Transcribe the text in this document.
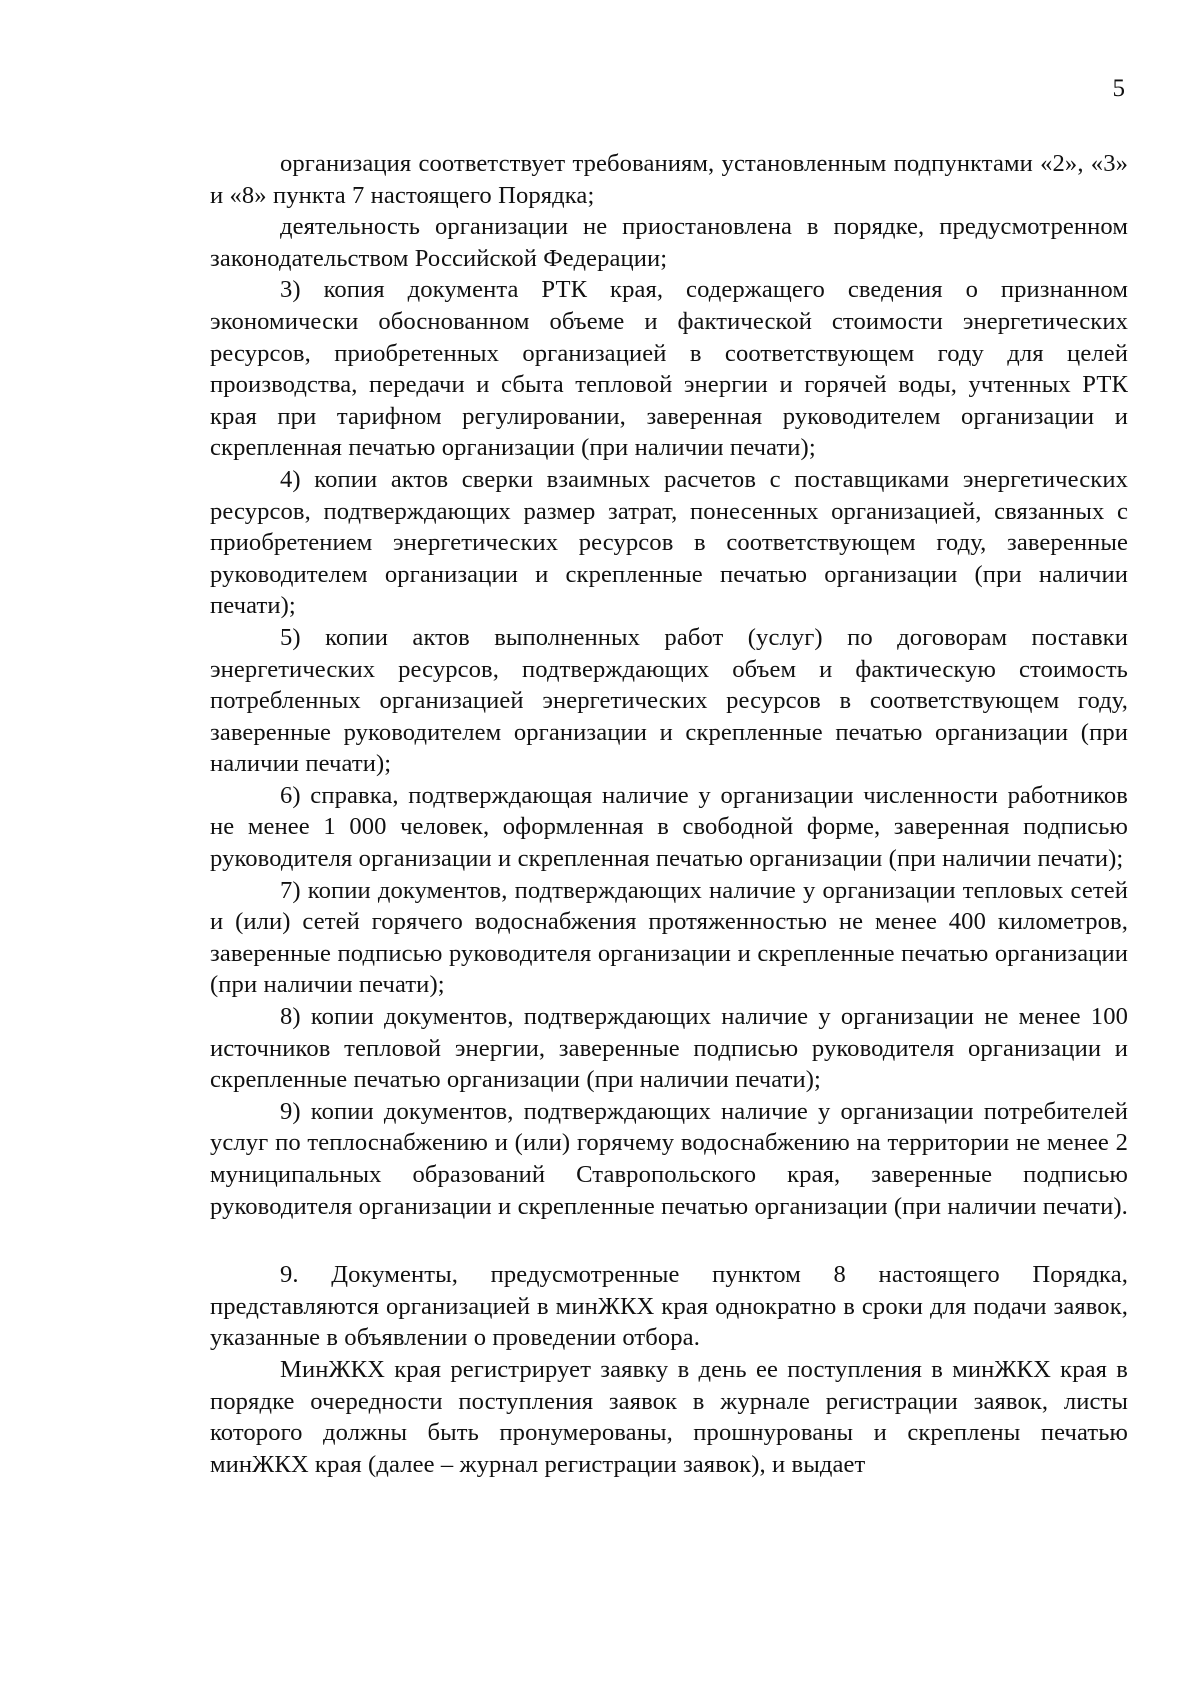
5

организация соответствует требованиям, установленным подпунктами «2», «3» и «8» пункта 7 настоящего Порядка;

деятельность организации не приостановлена в порядке, предусмотренном законодательством Российской Федерации;

3) копия документа РТК края, содержащего сведения о признанном экономически обоснованном объеме и фактической стоимости энергетических ресурсов, приобретенных организацией в соответствующем году для целей производства, передачи и сбыта тепловой энергии и горячей воды, учтенных РТК края при тарифном регулировании, заверенная руководителем организации и скрепленная печатью организации (при наличии печати);

4) копии актов сверки взаимных расчетов с поставщиками энергетических ресурсов, подтверждающих размер затрат, понесенных организацией, связанных с приобретением энергетических ресурсов в соответствующем году, заверенные руководителем организации и скрепленные печатью организации (при наличии печати);

5) копии актов выполненных работ (услуг) по договорам поставки энергетических ресурсов, подтверждающих объем и фактическую стоимость потребленных организацией энергетических ресурсов в соответствующем году, заверенные руководителем организации и скрепленные печатью организации (при наличии печати);

6) справка, подтверждающая наличие у организации численности работников не менее 1 000 человек, оформленная в свободной форме, заверенная подписью руководителя организации и скрепленная печатью организации (при наличии печати);

7) копии документов, подтверждающих наличие у организации тепловых сетей и (или) сетей горячего водоснабжения протяженностью не менее 400 километров, заверенные подписью руководителя организации и скрепленные печатью организации (при наличии печати);

8) копии документов, подтверждающих наличие у организации не менее 100 источников тепловой энергии, заверенные подписью руководителя организации и скрепленные печатью организации (при наличии печати);

9) копии документов, подтверждающих наличие у организации потребителей услуг по теплоснабжению и (или) горячему водоснабжению на территории не менее 2 муниципальных образований Ставропольского края, заверенные подписью руководителя организации и скрепленные печатью организации (при наличии печати).

9. Документы, предусмотренные пунктом 8 настоящего Порядка, представляются организацией в минЖКХ края однократно в сроки для подачи заявок, указанные в объявлении о проведении отбора.

МинЖКХ края регистрирует заявку в день ее поступления в минЖКХ края в порядке очередности поступления заявок в журнале регистрации заявок, листы которого должны быть пронумерованы, прошнурованы и скреплены печатью минЖКХ края (далее – журнал регистрации заявок), и выдает
